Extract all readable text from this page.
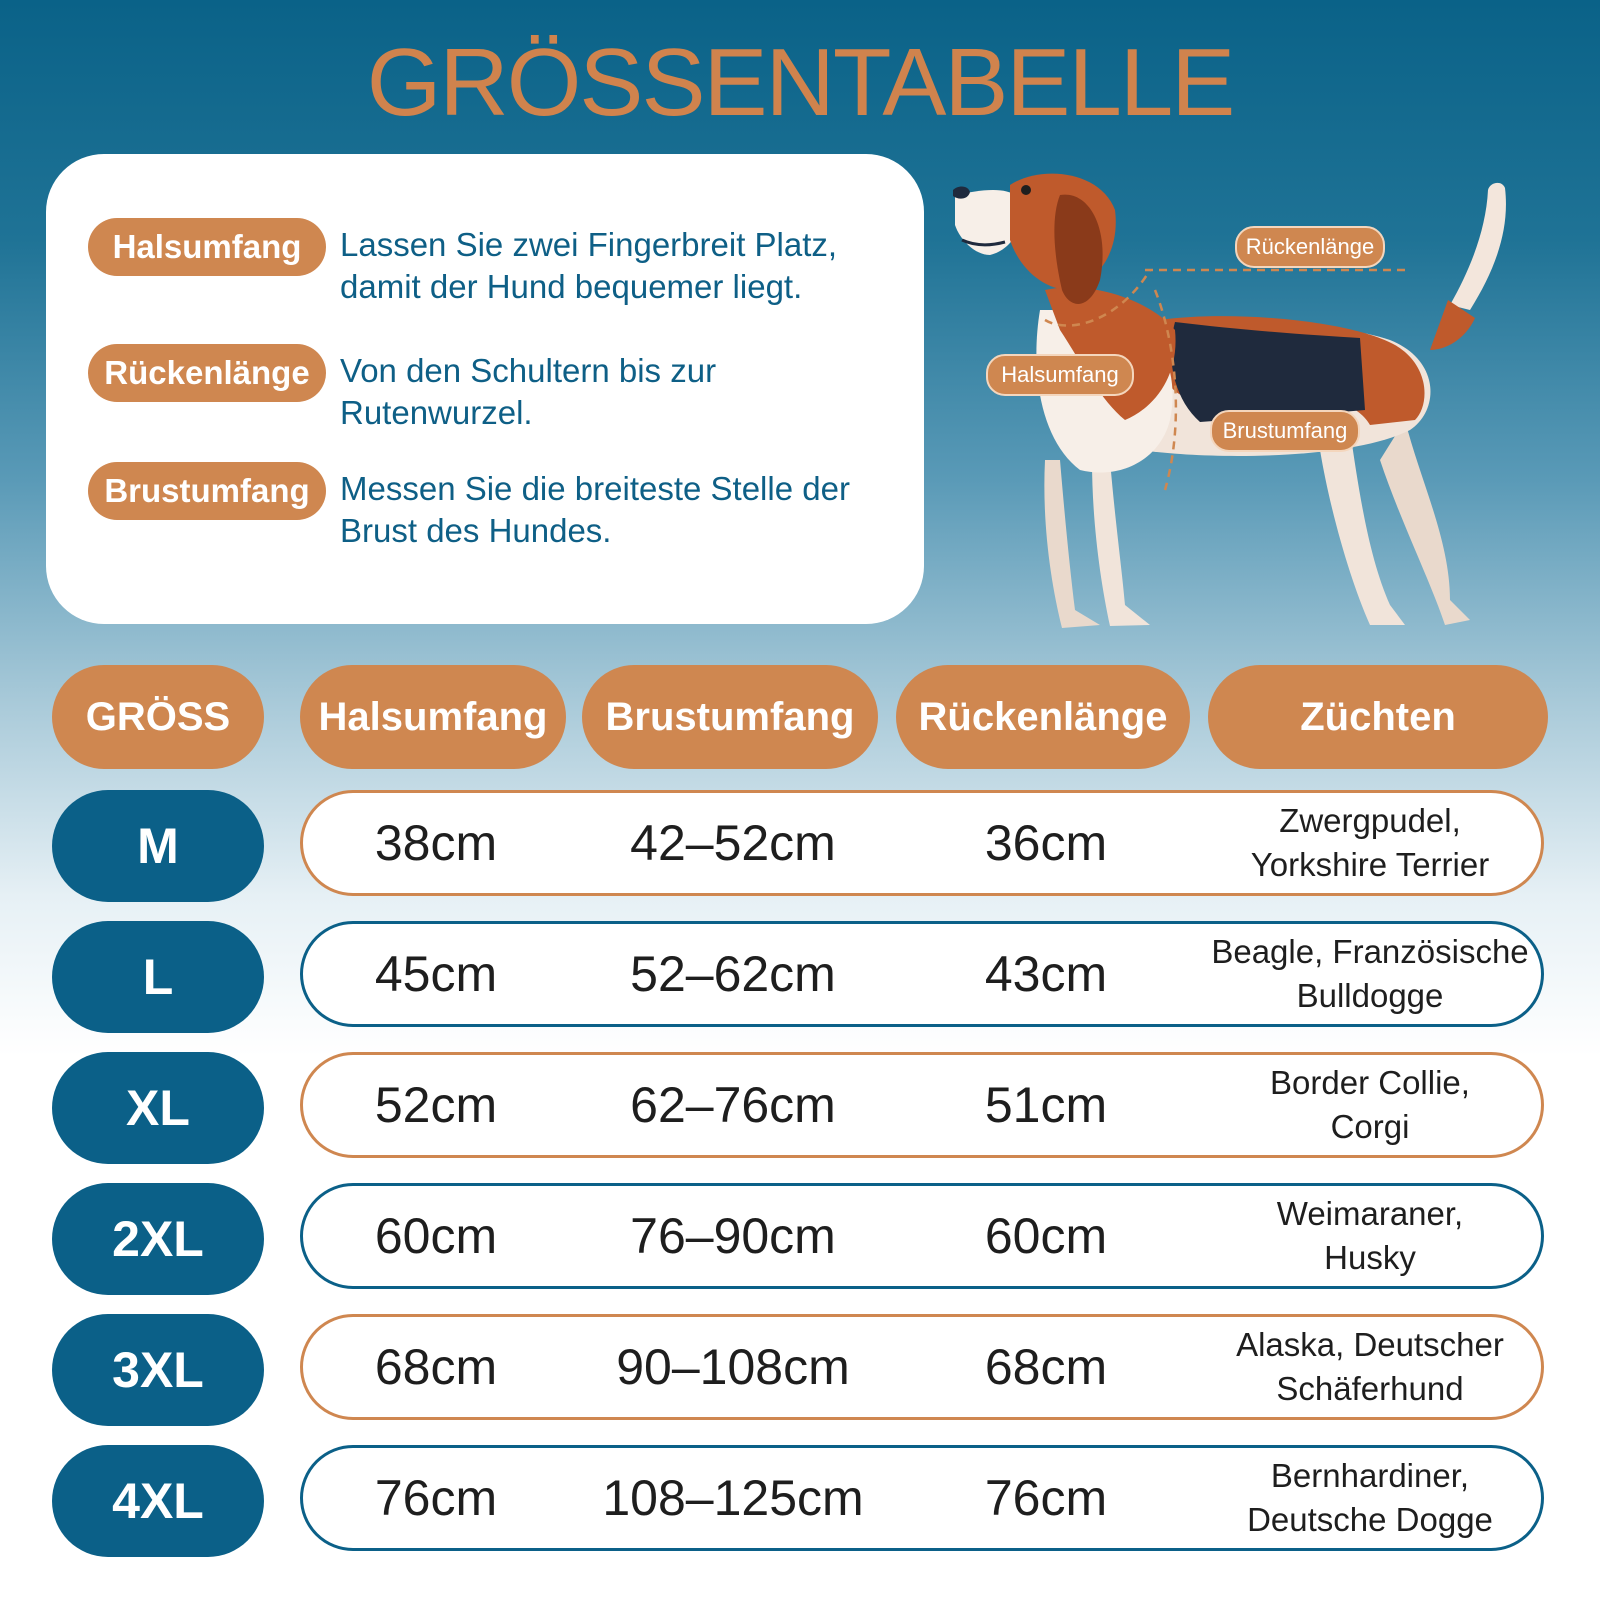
GRÖSSENTABELLE
Halsumfang	Lassen Sie zwei Fingerbreit Platz,
damit der Hund bequemer liegt.
Rückenlänge Von den Schultern bis zur
Rutenwurzel.
Brustumfang Messen Sie die breiteste Stelle der
Brust des Hundes.
Rückenlänge
Halsumfang
Brustumfang
GRÖSS	Halsumfang	Brustumfang	Rückenlänge	Züchten
M	38cm	42–52cm	36cm	Zwergpudel,
Yorkshire Terrier
L	45cm	52–62cm	43cm	Beagle, Französische
Bulldogge
XL	52cm	62–76cm	51cm	Border Collie,
Corgi
2XL	60cm	76–90cm	60cm	Weimaraner,
Husky
3XL	68cm	90–108cm	68cm	Alaska, Deutscher
Schäferhund
4XL	76cm	108–125cm	76cm	Bernhardiner,
Deutsche Dogge
